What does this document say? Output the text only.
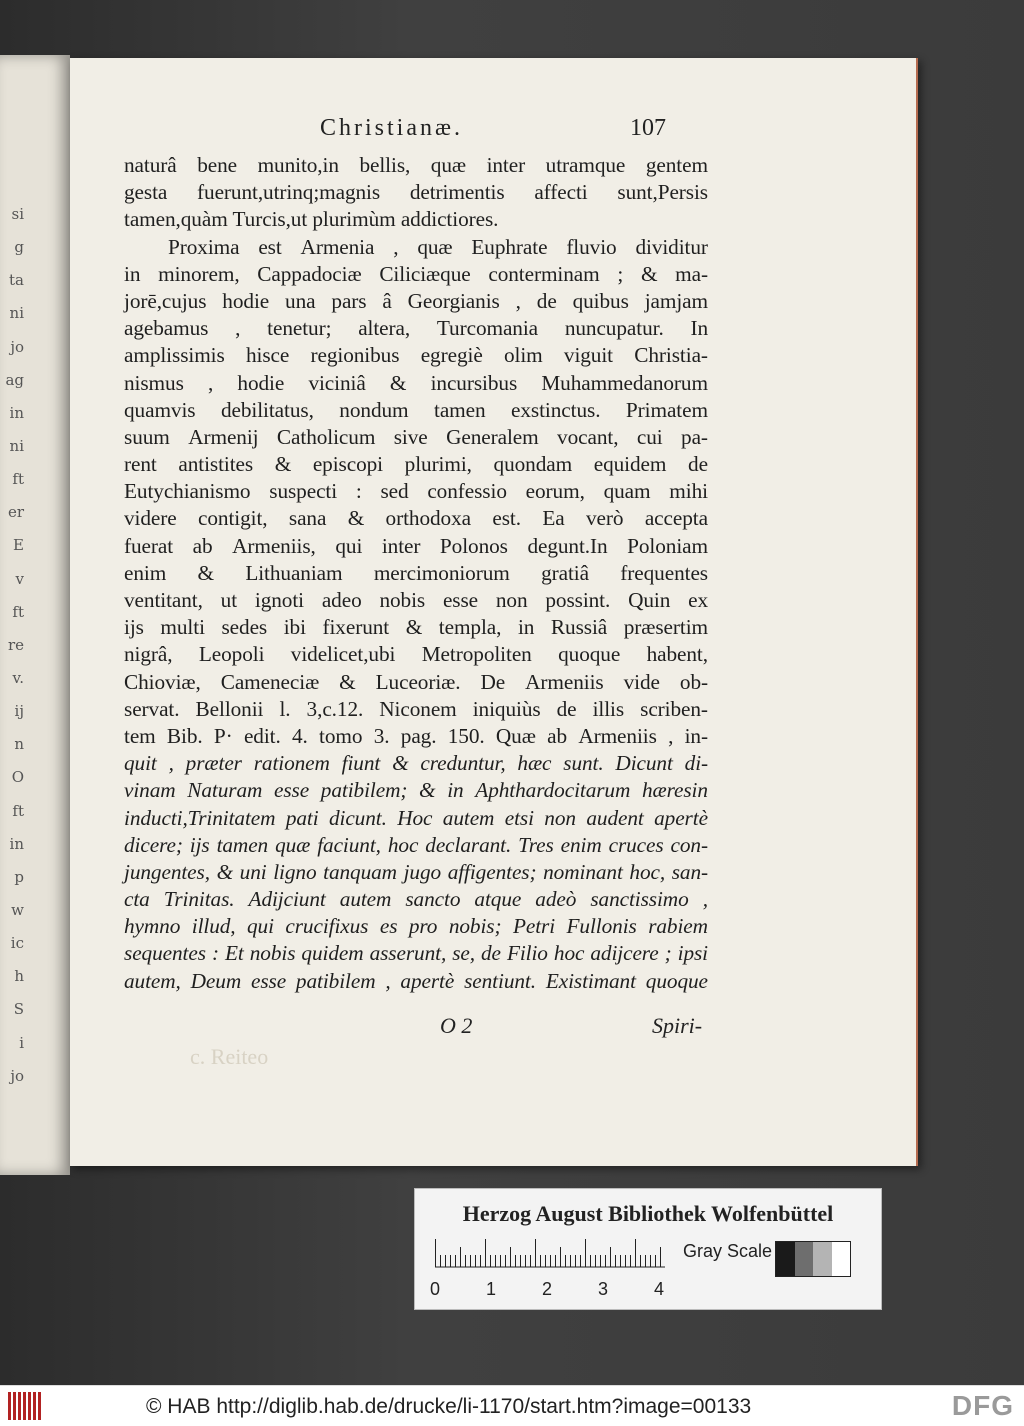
si
g
ta
ni
jo
ag
in
ni
ft
er
E
v
ft
re
v.
ij
n
O
ft
in
p
w
ic
h
S
i
jo
Christianæ.	107
naturâ bene munito,in bellis, quæ inter utramque gentem
gesta fuerunt,utrinq;magnis detrimentis affecti sunt,Persis
tamen,quàm Turcis,ut plurimùm addictiores.
Proxima est Armenia , quæ Euphrate fluvio dividitur
in minorem, Cappadociæ Ciliciæque conterminam ; & ma-
jorē,cujus hodie una pars â Georgianis , de quibus jamjam
agebamus , tenetur; altera, Turcomania nuncupatur. In
amplissimis hisce regionibus egregiè olim viguit Christia-
nismus , hodie viciniâ & incursibus Muhammedanorum
quamvis debilitatus, nondum tamen exstinctus. Primatem
suum Armenij Catholicum sive Generalem vocant, cui pa-
rent antistites & episcopi plurimi, quondam equidem de
Eutychianismo suspecti : sed confessio eorum, quam mihi
videre contigit, sana & orthodoxa est. Ea verò accepta
fuerat ab Armeniis, qui inter Polonos degunt.In Poloniam
enim & Lithuaniam mercimoniorum gratiâ frequentes
ventitant, ut ignoti adeo nobis esse non possint. Quin ex
ijs multi sedes ibi fixerunt & templa, in Russiâ præsertim
nigrâ, Leopoli videlicet,ubi Metropoliten quoque habent,
Chioviæ, Cameneciæ & Luceoriæ. De Armeniis vide ob-
servat. Bellonii l. 3,c.12. Niconem iniquiùs de illis scriben-
tem Bib. P· edit. 4. tomo 3. pag. 150. Quæ ab Armeniis , in-
quit , præter rationem fiunt & creduntur, hæc sunt. Dicunt di-
vinam Naturam esse patibilem; & in Aphthardocitarum hæresin
inducti,Trinitatem pati dicunt. Hoc autem etsi non audent apertè
dicere; ijs tamen quæ faciunt, hoc declarant. Tres enim cruces con-
jungentes, & uni ligno tanquam jugo affigentes; nominant hoc, san-
cta Trinitas. Adijciunt autem sancto atque adeò sanctissimo ,
hymno illud, qui crucifixus es pro nobis; Petri Fullonis rabiem
sequentes : Et nobis quidem asserunt, se, de Filio hoc adijcere ; ipsi
autem, Deum esse patibilem , apertè sentiunt. Existimant quoque
O 2	Spiri-
c. Reiteo
Herzog August Bibliothek Wolfenbüttel
0	1	2	3	4
Gray Scale
© HAB http://diglib.hab.de/drucke/li-1170/start.htm?image=00133	DFG
